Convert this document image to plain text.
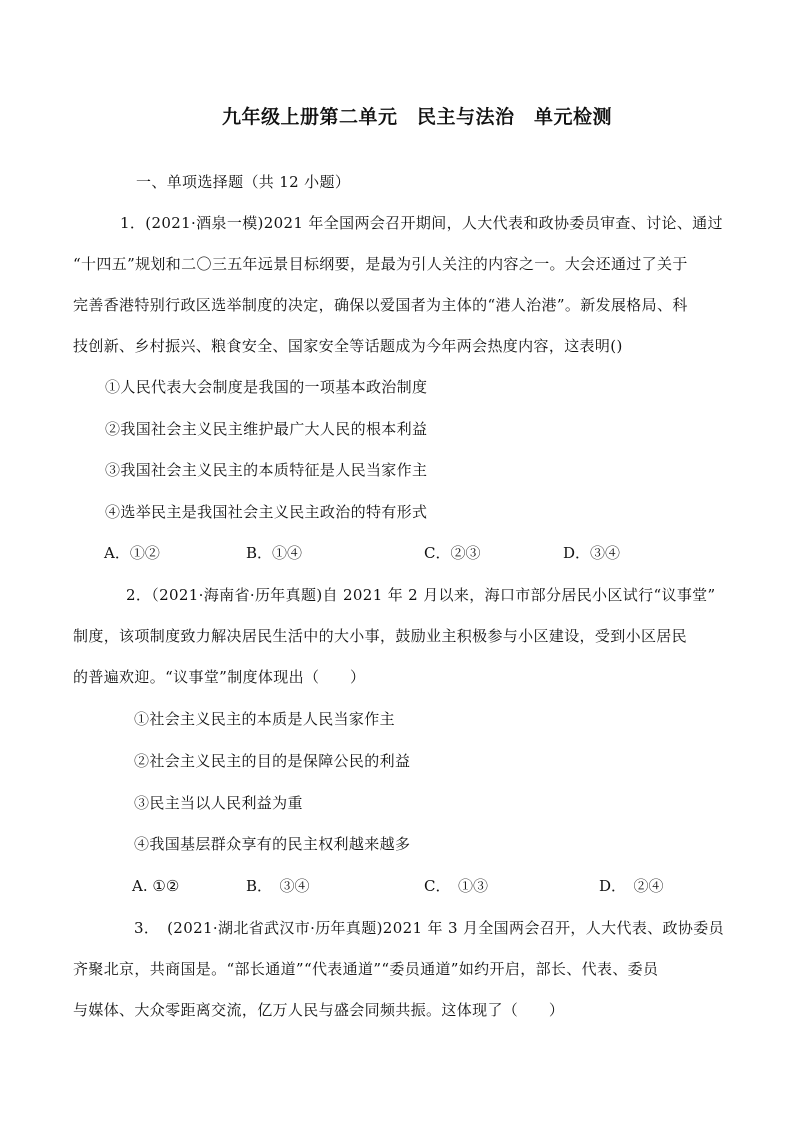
九年级上册第二单元　民主与法治　单元检测
一、单项选择题（共 12 小题）
1．(2021·酒泉一模)2021 年全国两会召开期间，人大代表和政协委员审查、讨论、通过
“十四五”规划和二〇三五年远景目标纲要，是最为引人关注的内容之一。大会还通过了关于
完善香港特别行政区选举制度的决定，确保以爱国者为主体的“港人治港”。新发展格局、科
技创新、乡村振兴、粮食安全、国家安全等话题成为今年两会热度内容，这表明()
①人民代表大会制度是我国的一项基本政治制度
②我国社会主义民主维护最广大人民的根本利益
③我国社会主义民主的本质特征是人民当家作主
④选举民主是我国社会主义民主政治的特有形式
A．①②	B．①④	C．②③	D．③④
2．（2021·海南省·历年真题)自 2021 年 2 月以来，海口市部分居民小区试行“议事堂”
制度，该项制度致力解决居民生活中的大小事，鼓励业主积极参与小区建设，受到小区居民
的普遍欢迎。“议事堂”制度体现出（　　）
①社会主义民主的本质是人民当家作主
②社会主义民主的目的是保障公民的利益
③民主当以人民利益为重
④我国基层群众享有的民主权利越来越多
A. ①②	B．　③④	C．　①③	D．　②④
3．　(2021·湖北省武汉市·历年真题)2021 年 3 月全国两会召开，人大代表、政协委员
齐聚北京，共商国是。“部长通道”“代表通道”“委员通道”如约开启，部长、代表、委员
与媒体、大众零距离交流，亿万人民与盛会同频共振。这体现了（　　）
